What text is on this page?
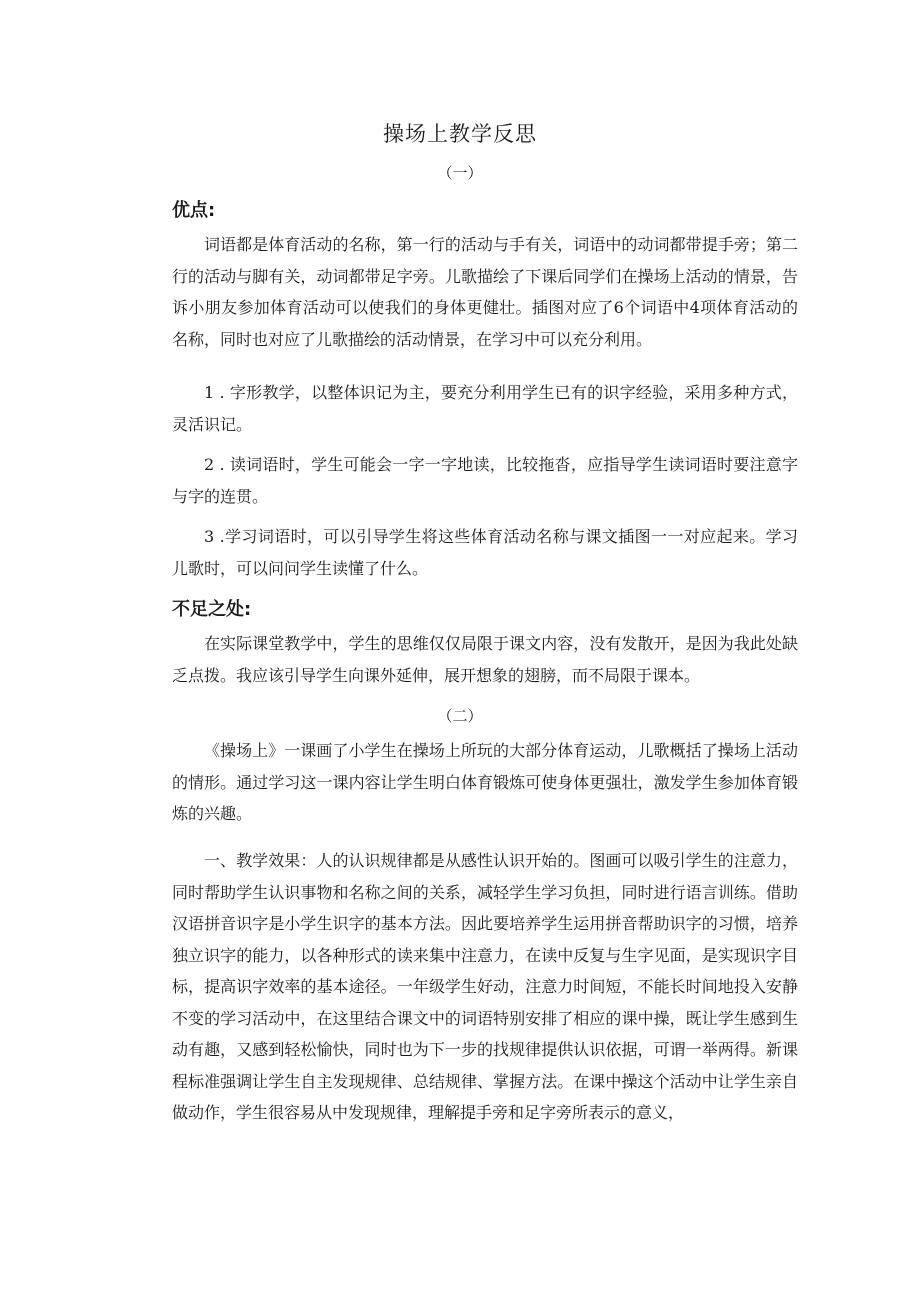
操场上教学反思
（一）
优点:

词语都是体育活动的名称，第一行的活动与手有关，词语中的动词都带提手旁；第二行的活动与脚有关，动词都带足字旁。儿歌描绘了下课后同学们在操场上活动的情景，告诉小朋友参加体育活动可以使我们的身体更健壮。插图对应了6个词语中4项体育活动的名称，同时也对应了儿歌描绘的活动情景，在学习中可以充分利用。

1 . 字形教学，以整体识记为主，要充分利用学生已有的识字经验，采用多种方式，灵活识记。

2 . 读词语时，学生可能会一字一字地读，比较拖沓，应指导学生读词语时要注意字与字的连贯。

3 .学习词语时，可以引导学生将这些体育活动名称与课文插图一一对应起来。学习儿歌时，可以问问学生读懂了什么。

不足之处:

在实际课堂教学中，学生的思维仅仅局限于课文内容，没有发散开，是因为我此处缺乏点拨。我应该引导学生向课外延伸，展开想象的翅膀，而不局限于课本。

（二）

《操场上》一课画了小学生在操场上所玩的大部分体育运动，儿歌概括了操场上活动的情形。通过学习这一课内容让学生明白体育锻炼可使身体更强壮，激发学生参加体育锻炼的兴趣。

一、教学效果：人的认识规律都是从感性认识开始的。图画可以吸引学生的注意力，同时帮助学生认识事物和名称之间的关系，减轻学生学习负担，同时进行语言训练。借助汉语拼音识字是小学生识字的基本方法。因此要培养学生运用拼音帮助识字的习惯，培养独立识字的能力，以各种形式的读来集中注意力，在读中反复与生字见面，是实现识字目标，提高识字效率的基本途径。一年级学生好动，注意力时间短，不能长时间地投入安静不变的学习活动中，在这里结合课文中的词语特别安排了相应的课中操，既让学生感到生动有趣，又感到轻松愉快，同时也为下一步的找规律提供认识依据，可谓一举两得。新课程标准强调让学生自主发现规律、总结规律、掌握方法。在课中操这个活动中让学生亲自做动作，学生很容易从中发现规律，理解提手旁和足字旁所表示的意义，
